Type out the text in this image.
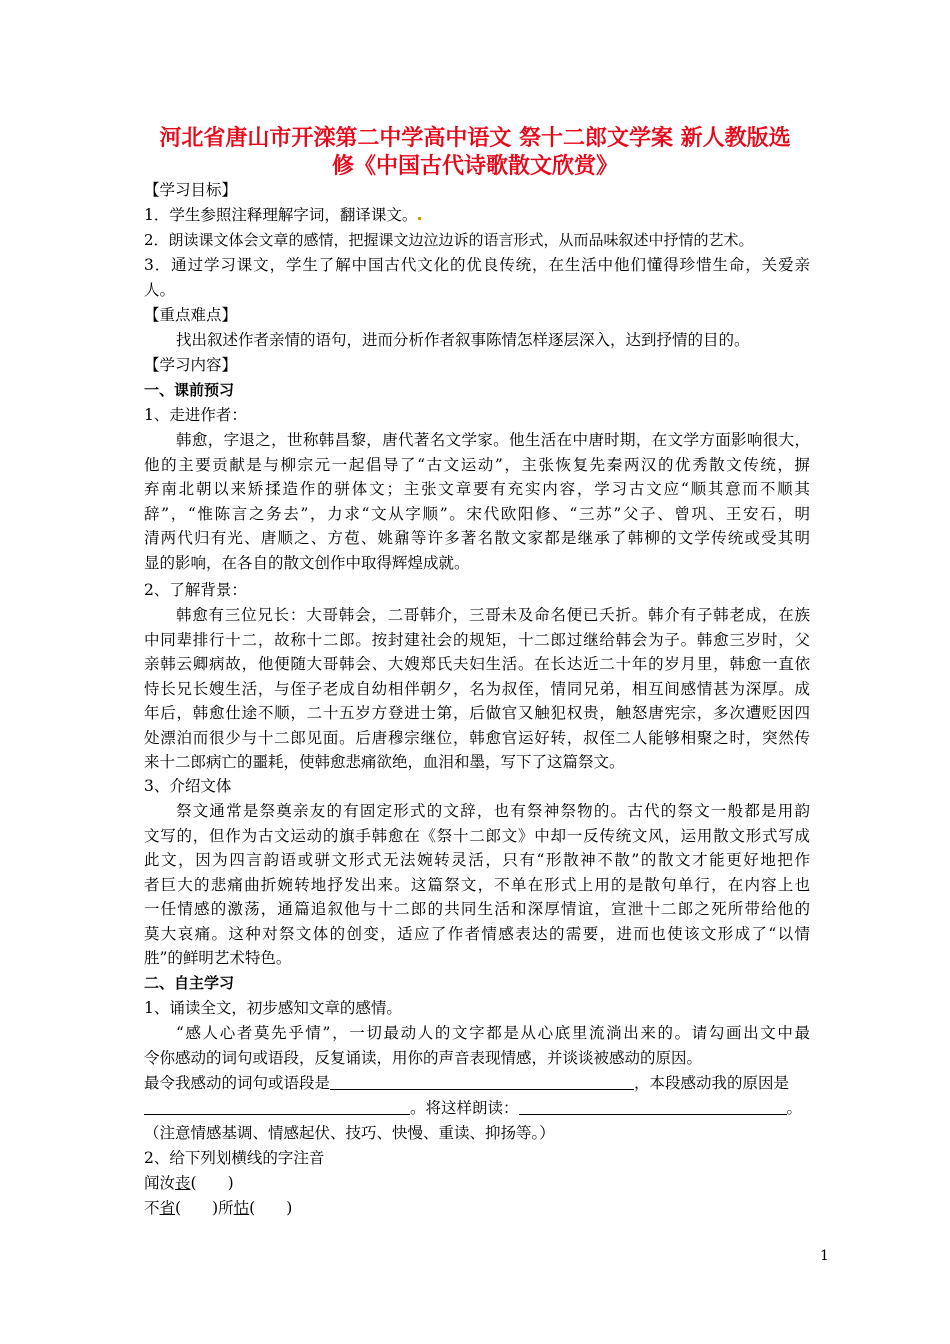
河北省唐山市开滦第二中学高中语文 祭十二郎文学案 新人教版选
修《中国古代诗歌散文欣赏》
【学习目标】
1．学生参照注释理解字词，翻译课文。
2．朗读课文体会文章的感情，把握课文边泣边诉的语言形式，从而品味叙述中抒情的艺术。
3．通过学习课文，学生了解中国古代文化的优良传统，在生活中他们懂得珍惜生命，关爱亲
人。
【重点难点】
找出叙述作者亲情的语句，进而分析作者叙事陈情怎样逐层深入，达到抒情的目的。
【学习内容】
一、课前预习
1、走进作者：
韩愈，字退之，世称韩昌黎，唐代著名文学家。他生活在中唐时期，在文学方面影响很大，
他的主要贡献是与柳宗元一起倡导了“古文运动”，主张恢复先秦两汉的优秀散文传统，摒
弃南北朝以来矫揉造作的骈体文；主张文章要有充实内容，学习古文应“顺其意而不顺其
辞”，“惟陈言之务去”，力求“文从字顺”。宋代欧阳修、“三苏”父子、曾巩、王安石，明
清两代归有光、唐顺之、方苞、姚鼐等许多著名散文家都是继承了韩柳的文学传统或受其明
显的影响，在各自的散文创作中取得辉煌成就。
2、了解背景：
韩愈有三位兄长：大哥韩会，二哥韩介，三哥未及命名便已夭折。韩介有子韩老成，在族
中同辈排行十二，故称十二郎。按封建社会的规矩，十二郎过继给韩会为子。韩愈三岁时，父
亲韩云卿病故，他便随大哥韩会、大嫂郑氏夫妇生活。在长达近二十年的岁月里，韩愈一直依
恃长兄长嫂生活，与侄子老成自幼相伴朝夕，名为叔侄，情同兄弟，相互间感情甚为深厚。成
年后，韩愈仕途不顺，二十五岁方登进士第，后做官又触犯权贵，触怒唐宪宗，多次遭贬因四
处漂泊而很少与十二郎见面。后唐穆宗继位，韩愈官运好转，叔侄二人能够相聚之时，突然传
来十二郎病亡的噩耗，使韩愈悲痛欲绝，血泪和墨，写下了这篇祭文。
3、介绍文体
祭文通常是祭奠亲友的有固定形式的文辞，也有祭神祭物的。古代的祭文一般都是用韵
文写的，但作为古文运动的旗手韩愈在《祭十二郎文》中却一反传统文风，运用散文形式写成
此文，因为四言韵语或骈文形式无法婉转灵活，只有“形散神不散”的散文才能更好地把作
者巨大的悲痛曲折婉转地抒发出来。这篇祭文，不单在形式上用的是散句单行，在内容上也
一任情感的激荡，通篇追叙他与十二郎的共同生活和深厚情谊，宣泄十二郎之死所带给他的
莫大哀痛。这种对祭文体的创变，适应了作者情感表达的需要，进而也使该文形成了“以情
胜”的鲜明艺术特色。
二、自主学习
1、诵读全文，初步感知文章的感情。
“感人心者莫先乎情”，一切最动人的文字都是从心底里流淌出来的。请勾画出文中最
令你感动的词句或语段，反复诵读，用你的声音表现情感，并谈谈被感动的原因。
最令我感动的词句或语段是	，本段感动我的原因是
。将这样朗读：	。
（注意情感基调、情感起伏、技巧、快慢、重读、抑扬等。）
2、给下列划横线的字注音
闻汝丧(　　)
不省(　　)所怙(　　)
1
